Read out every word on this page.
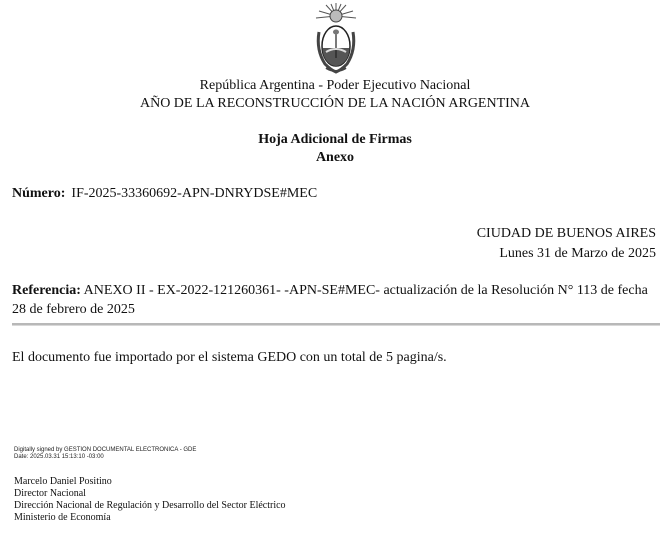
República Argentina - Poder Ejecutivo Nacional
AÑO DE LA RECONSTRUCCIÓN DE LA NACIÓN ARGENTINA
Hoja Adicional de Firmas
Anexo
Número: IF-2025-33360692-APN-DNRYDSE#MEC
CIUDAD DE BUENOS AIRES
Lunes 31 de Marzo de 2025
Referencia: ANEXO II - EX-2022-121260361- -APN-SE#MEC- actualización de la Resolución N° 113 de fecha 28 de febrero de 2025
El documento fue importado por el sistema GEDO con un total de 5 pagina/s.
Digitally signed by GESTION DOCUMENTAL ELECTRONICA - GDE
Date: 2025.03.31 15:13:10 -03:00
Marcelo Daniel Positino
Director Nacional
Dirección Nacional de Regulación y Desarrollo del Sector Eléctrico
Ministerio de Economía
